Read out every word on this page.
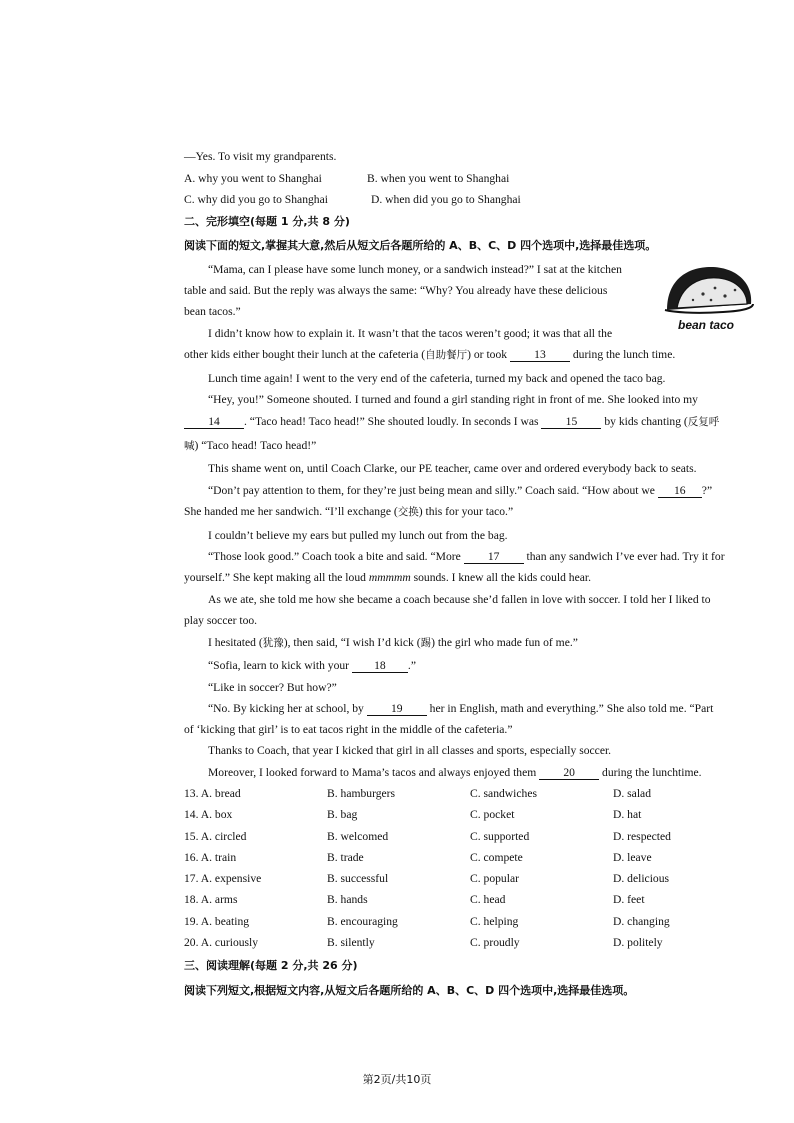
—Yes. To visit my grandparents.
A. why you went to Shanghai	B. when you went to Shanghai
C. why did you go to Shanghai	D. when did you go to Shanghai
二、完形填空(每题 1 分,共 8 分)
阅读下面的短文,掌握其大意,然后从短文后各题所给的 A、B、C、D 四个选项中,选择最佳选项。
“Mama, can I please have some lunch money, or a sandwich instead?” I sat at the kitchen
table and said. But the reply was always the same: “Why? You already have these delicious
bean tacos.”
bean taco
I didn’t know how to explain it. It wasn’t that the tacos weren’t good; it was that all the
other kids either bought their lunch at the cafeteria (自助餐厅) or took 13 during the lunch time.
Lunch time again! I went to the very end of the cafeteria, turned my back and opened the taco bag.
“Hey, you!” Someone shouted. I turned and found a girl standing right in front of me. She looked into my
14 . “Taco head! Taco head!” She shouted loudly. In seconds I was 15 by kids chanting (反复呼
喊) “Taco head! Taco head!”
This shame went on, until Coach Clarke, our PE teacher, came over and ordered everybody back to seats.
“Don’t pay attention to them, for they’re just being mean and silly.” Coach said. “How about we 16 ?”
She handed me her sandwich. “I’ll exchange (交换) this for your taco.”
I couldn’t believe my ears but pulled my lunch out from the bag.
“Those look good.” Coach took a bite and said. “More 17 than any sandwich I’ve ever had. Try it for
yourself.” She kept making all the loud mmmmm sounds. I knew all the kids could hear.
As we ate, she told me how she became a coach because she’d fallen in love with soccer. I told her I liked to
play soccer too.
I hesitated (犹豫), then said, “I wish I’d kick (踢) the girl who made fun of me.”
“Sofia, learn to kick with your 18 .”
“Like in soccer? But how?”
“No. By kicking her at school, by 19 her in English, math and everything.” She also told me. “Part
of ‘kicking that girl’ is to eat tacos right in the middle of the cafeteria.”
Thanks to Coach, that year I kicked that girl in all classes and sports, especially soccer.
Moreover, I looked forward to Mama’s tacos and always enjoyed them 20 during the lunchtime.
13. A. bread	B. hamburgers	C. sandwiches	D. salad
14. A. box	B. bag	C. pocket	D. hat
15. A. circled	B. welcomed	C. supported	D. respected
16. A. train	B. trade	C. compete	D. leave
17. A. expensive	B. successful	C. popular	D. delicious
18. A. arms	B. hands	C. head	D. feet
19. A. beating	B. encouraging	C. helping	D. changing
20. A. curiously	B. silently	C. proudly	D. politely
三、阅读理解(每题 2 分,共 26 分)
阅读下列短文,根据短文内容,从短文后各题所给的 A、B、C、D 四个选项中,选择最佳选项。
第2页/共10页
